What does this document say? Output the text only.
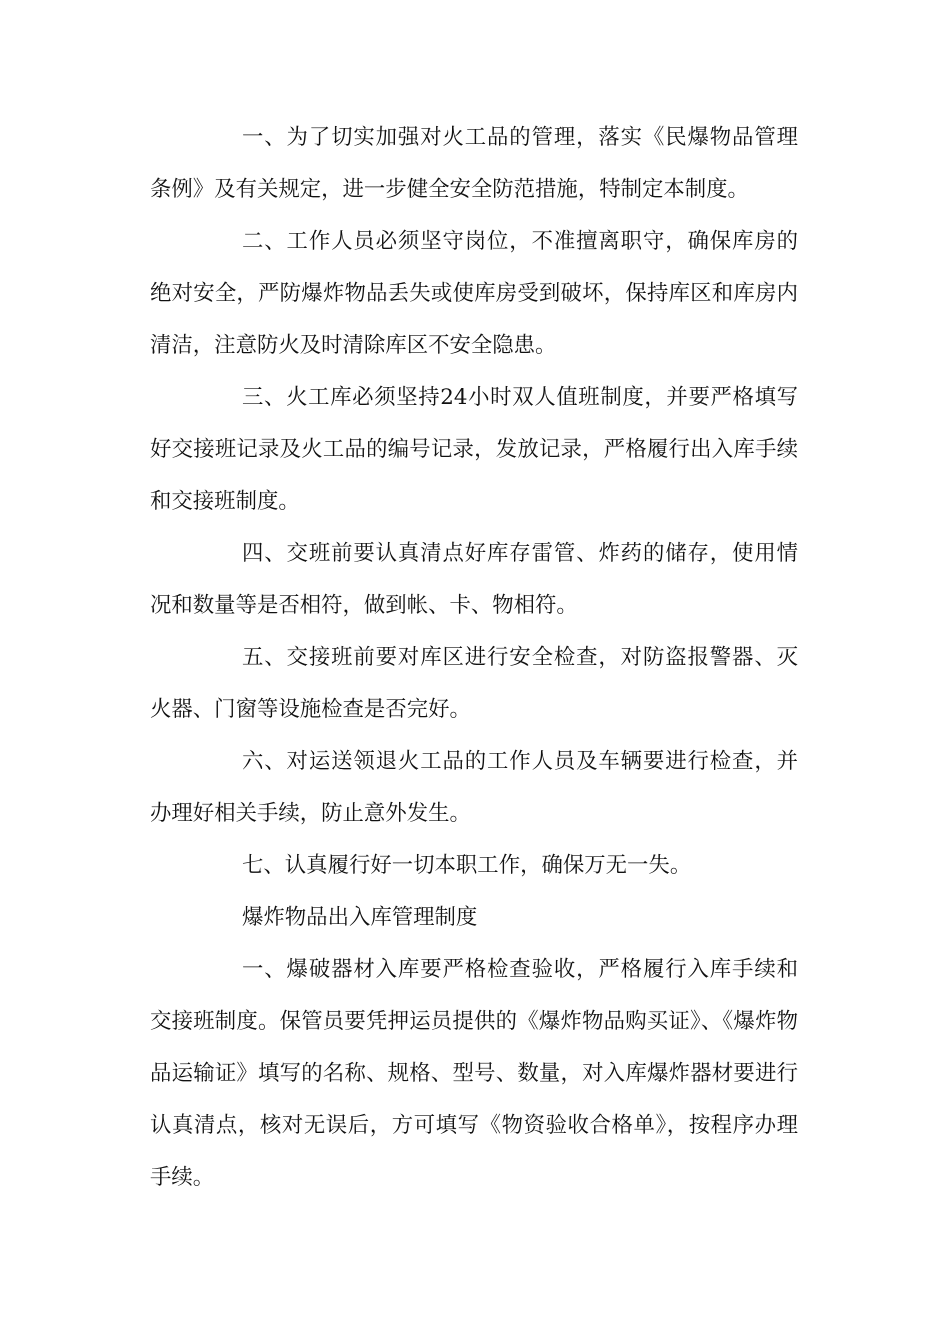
一、为了切实加强对火工品的管理，落实《民爆物品管理条例》及有关规定，进一步健全安全防范措施，特制定本制度。

二、工作人员必须坚守岗位，不准擅离职守，确保库房的绝对安全，严防爆炸物品丢失或使库房受到破坏，保持库区和库房内清洁，注意防火及时清除库区不安全隐患。

三、火工库必须坚持24小时双人值班制度，并要严格填写好交接班记录及火工品的编号记录，发放记录，严格履行出入库手续和交接班制度。

四、交班前要认真清点好库存雷管、炸药的储存，使用情况和数量等是否相符，做到帐、卡、物相符。

五、交接班前要对库区进行安全检查，对防盗报警器、灭火器、门窗等设施检查是否完好。

六、对运送领退火工品的工作人员及车辆要进行检查，并办理好相关手续，防止意外发生。

七、认真履行好一切本职工作，确保万无一失。

爆炸物品出入库管理制度

一、爆破器材入库要严格检查验收，严格履行入库手续和交接班制度。保管员要凭押运员提供的《爆炸物品购买证》、《爆炸物品运输证》填写的名称、规格、型号、数量，对入库爆炸器材要进行认真清点，核对无误后，方可填写《物资验收合格单》，按程序办理手续。
